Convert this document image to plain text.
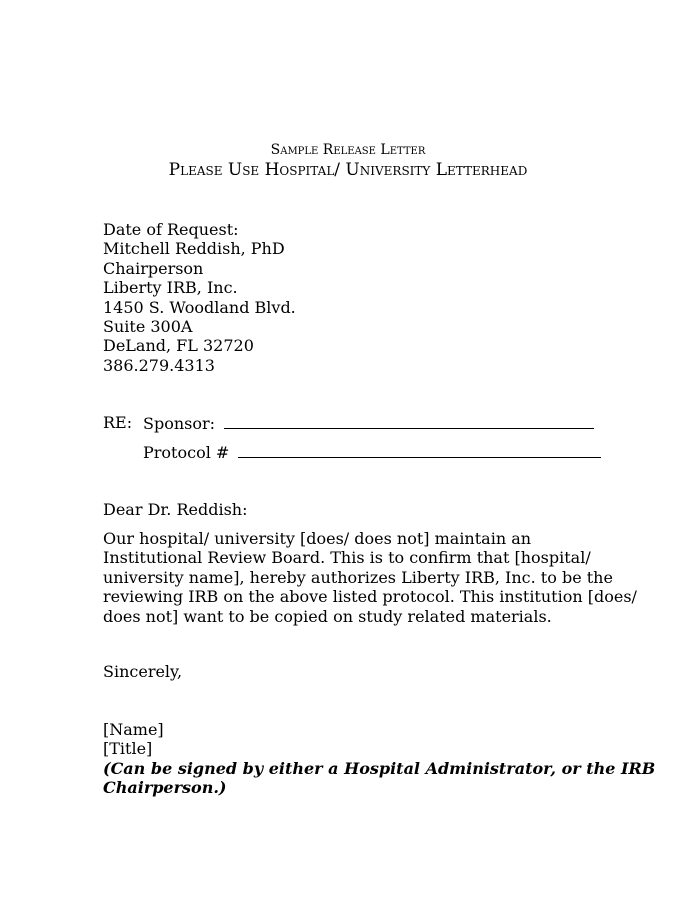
Sample Release Letter
Please Use Hospital/ University Letterhead
Date of Request:
Mitchell Reddish, PhD
Chairperson
Liberty IRB, Inc.
1450 S. Woodland Blvd.
Suite 300A
DeLand, FL 32720
386.279.4313
RE: Sponsor:
Protocol #
Dear Dr. Reddish:
Our hospital/ university [does/ does not] maintain an
Institutional Review Board. This is to confirm that [hospital/
university name], hereby authorizes Liberty IRB, Inc. to be the
reviewing IRB on the above listed protocol. This institution [does/
does not] want to be copied on study related materials.
Sincerely,
[Name]
[Title]
(Can be signed by either a Hospital Administrator, or the IRB
Chairperson.)
